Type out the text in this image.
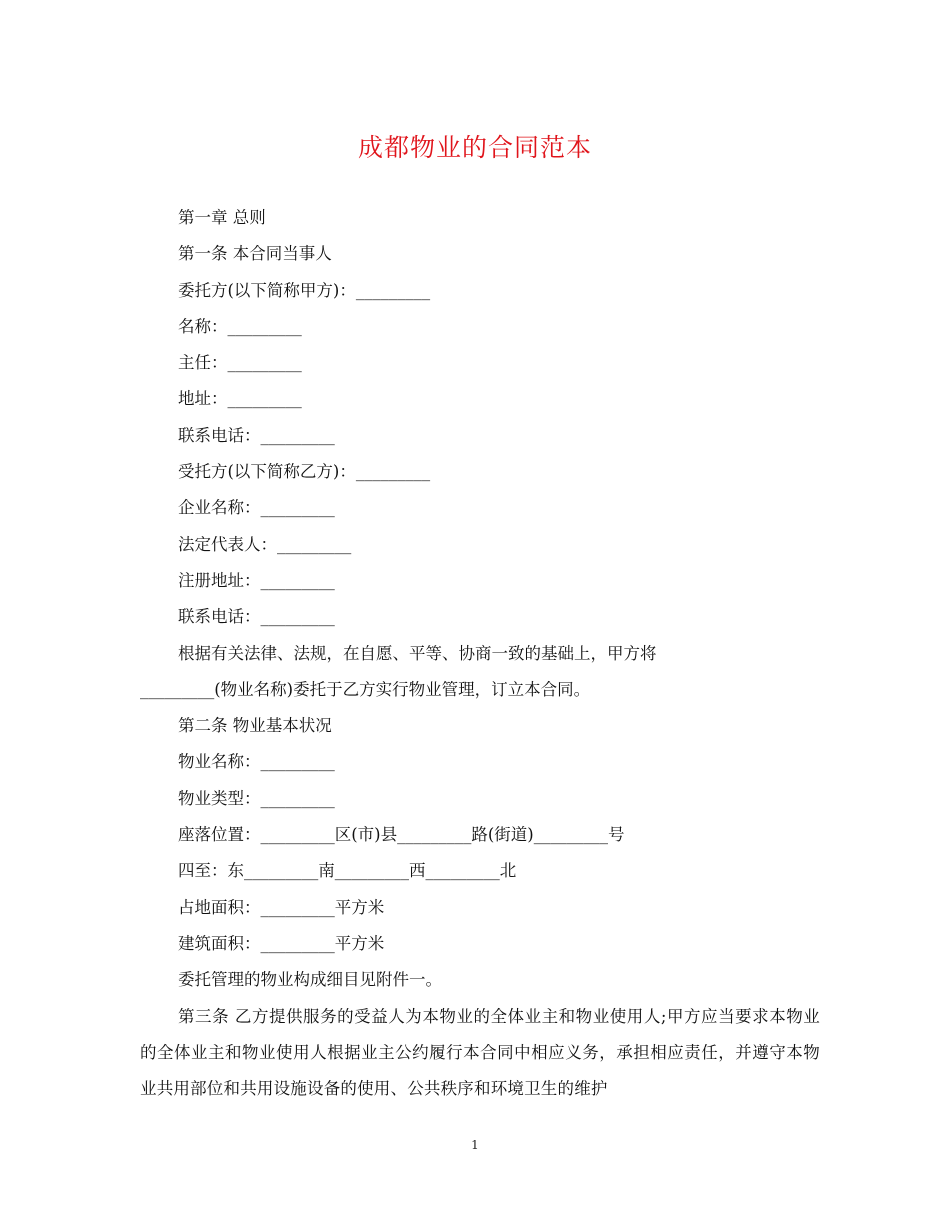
成都物业的合同范本
第一章 总则
第一条 本合同当事人
委托方(以下简称甲方)：_________
名称：_________
主任：_________
地址：_________
联系电话：_________
受托方(以下简称乙方)：_________
企业名称：_________
法定代表人：_________
注册地址：_________
联系电话：_________
根据有关法律、法规，在自愿、平等、协商一致的基础上，甲方将
_________(物业名称)委托于乙方实行物业管理，订立本合同。
第二条 物业基本状况
物业名称：_________
物业类型：_________
座落位置：_________区(市)县_________路(街道)_________号
四至：东_________南_________西_________北
占地面积：_________平方米
建筑面积：_________平方米
委托管理的物业构成细目见附件一。
第三条 乙方提供服务的受益人为本物业的全体业主和物业使用人;甲方应当要求本物业的全体业主和物业使用人根据业主公约履行本合同中相应义务，承担相应责任，并遵守本物业共用部位和共用设施设备的使用、公共秩序和环境卫生的维护
1
